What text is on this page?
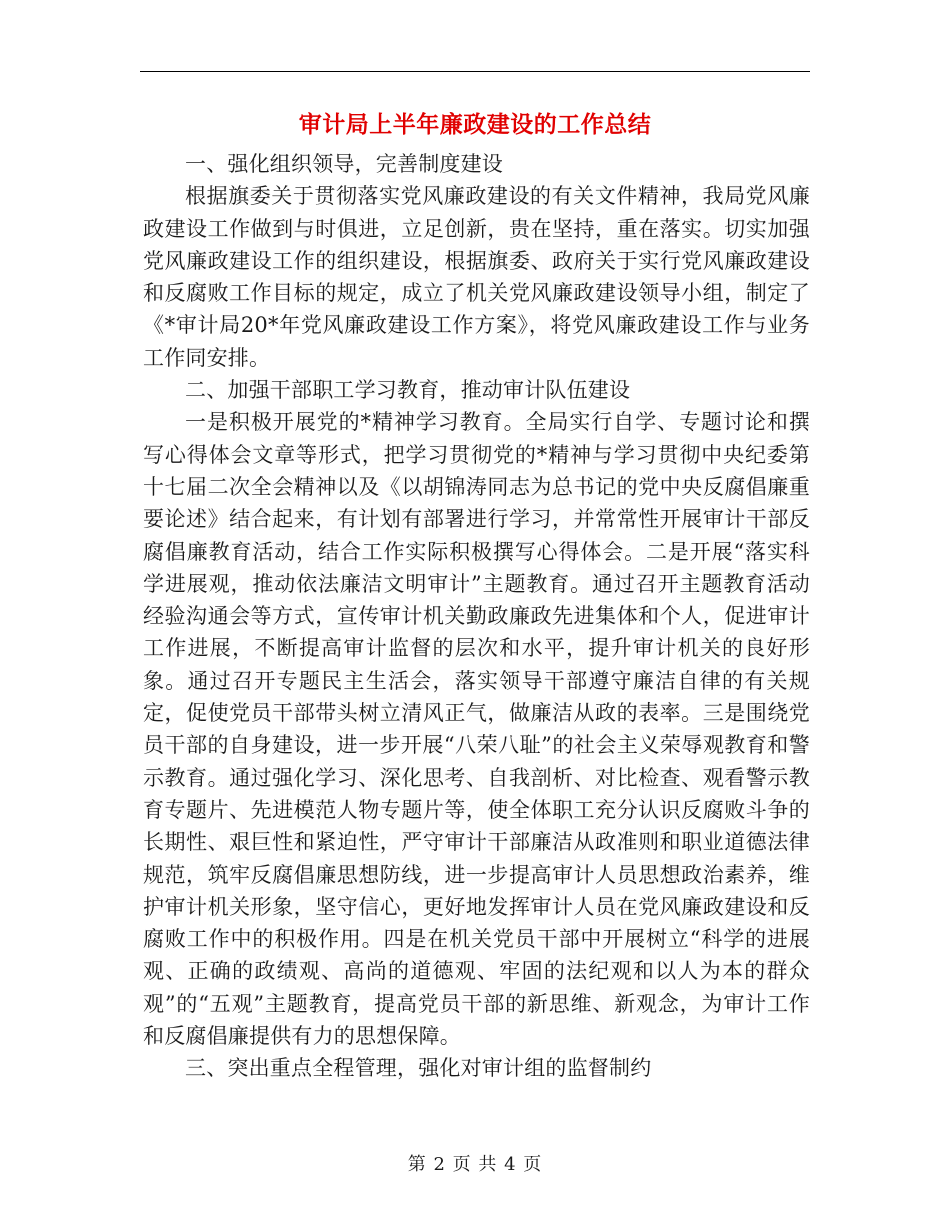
审计局上半年廉政建设的工作总结

一、强化组织领导，完善制度建设

根据旗委关于贯彻落实党风廉政建设的有关文件精神，我局党风廉政建设工作做到与时俱进，立足创新，贵在坚持，重在落实。切实加强党风廉政建设工作的组织建设，根据旗委、政府关于实行党风廉政建设和反腐败工作目标的规定，成立了机关党风廉政建设领导小组，制定了《*审计局20*年党风廉政建设工作方案》，将党风廉政建设工作与业务工作同安排。

二、加强干部职工学习教育，推动审计队伍建设

一是积极开展党的*精神学习教育。全局实行自学、专题讨论和撰写心得体会文章等形式，把学习贯彻党的*精神与学习贯彻中央纪委第十七届二次全会精神以及《以胡锦涛同志为总书记的党中央反腐倡廉重要论述》结合起来，有计划有部署进行学习，并常常性开展审计干部反腐倡廉教育活动，结合工作实际积极撰写心得体会。二是开展“落实科学进展观，推动依法廉洁文明审计”主题教育。通过召开主题教育活动经验沟通会等方式，宣传审计机关勤政廉政先进集体和个人，促进审计工作进展，不断提高审计监督的层次和水平，提升审计机关的良好形象。通过召开专题民主生活会，落实领导干部遵守廉洁自律的有关规定，促使党员干部带头树立清风正气，做廉洁从政的表率。三是围绕党员干部的自身建设，进一步开展“八荣八耻”的社会主义荣辱观教育和警示教育。通过强化学习、深化思考、自我剖析、对比检查、观看警示教育专题片、先进模范人物专题片等，使全体职工充分认识反腐败斗争的长期性、艰巨性和紧迫性，严守审计干部廉洁从政准则和职业道德法律规范，筑牢反腐倡廉思想防线，进一步提高审计人员思想政治素养，维护审计机关形象，坚守信心，更好地发挥审计人员在党风廉政建设和反腐败工作中的积极作用。四是在机关党员干部中开展树立“科学的进展观、正确的政绩观、高尚的道德观、牢固的法纪观和以人为本的群众观”的“五观”主题教育，提高党员干部的新思维、新观念，为审计工作和反腐倡廉提供有力的思想保障。

三、突出重点全程管理，强化对审计组的监督制约

第 2 页 共 4 页
